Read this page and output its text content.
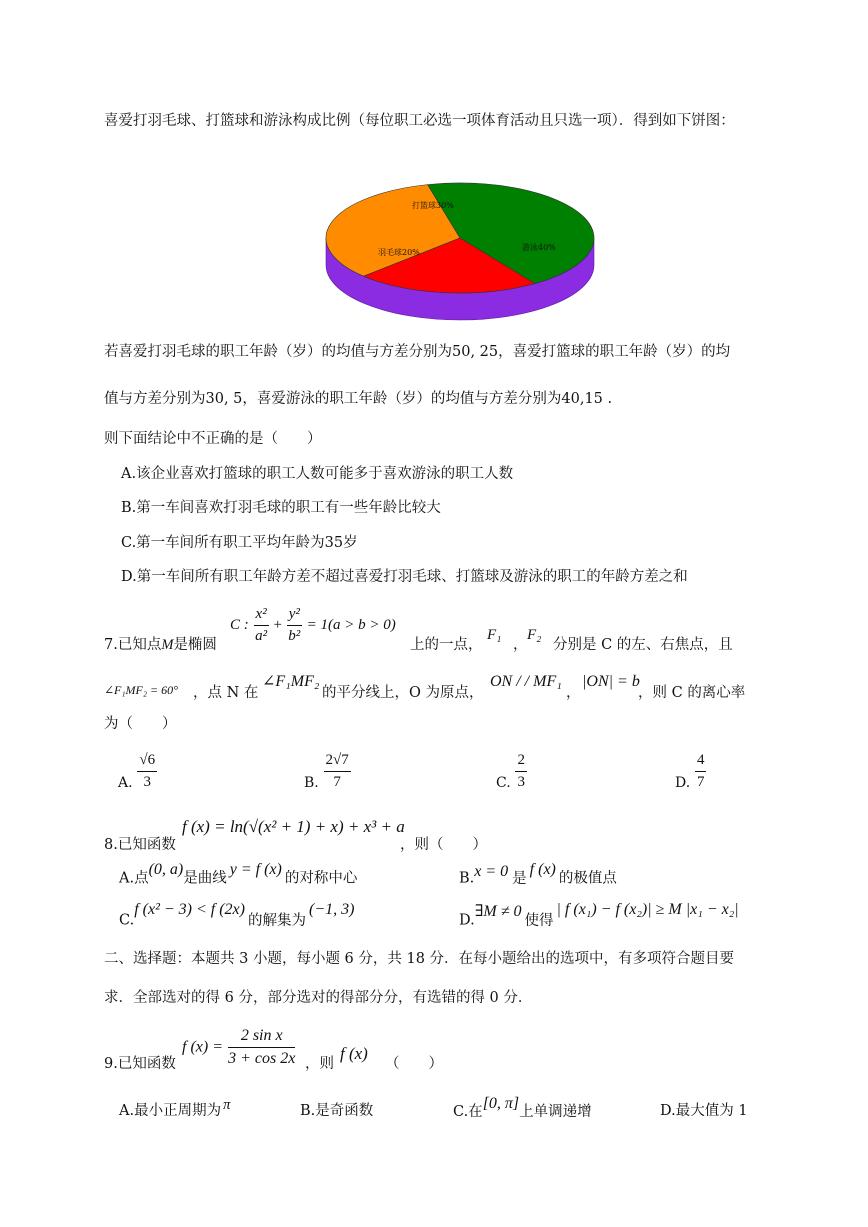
喜爱打羽毛球、打篮球和游泳构成比例（每位职工必选一项体育活动且只选一项）．得到如下饼图：
打篮球30%
游泳40%
羽毛球20%
若喜爱打羽毛球的职工年龄（岁）的均值与方差分别为50, 25，喜爱打篮球的职工年龄（岁）的均
值与方差分别为30, 5，喜爱游泳的职工年龄（岁）的均值与方差分别为40,15 .
则下面结论中不正确的是（　　）
A.该企业喜欢打篮球的职工人数可能多于喜欢游泳的职工人数
B.第一车间喜欢打羽毛球的职工有一些年龄比较大
C.第一车间所有职工平均年龄为35岁
D.第一车间所有职工年龄方差不超过喜爱打羽毛球、打篮球及游泳的职工的年龄方差之和
7.已知点M是椭圆
C : $\frac{\text{x²}}{\text{a²}} + \frac{\text{y²}}{\text{b²}} = 1(a > b > 0)$
上的一点，
F₁
，
F₂
分别是 C 的左、右焦点，且
∠F₁MF₂ = 60° ，点 N 在
∠F₁MF₂
的平分线上，O 为原点，
ON / / MF₁
，
|ON| = b
，则 C 的离心率
为（　　）
A. $\frac{√6}{3}$	B. $\frac{2√7}{7}$	C. $\frac{2}{3}$	D. $\frac{4}{7}$
8.已知函数
f (x) = ln(√(x² + 1) + x) + x³ + a
，则（　　）
A.点(0, a)是曲线y = f (x)的对称中心	B.x = 0 是f (x)的极值点
C.f (x² − 3) < f (2x)的解集为(−1, 3)
D.∃M ≠ 0使得| f (x₁) − f (x₂)| ≥ M |x₁ − x₂|
二、选择题：本题共 3 小题，每小题 6 分，共 18 分．在每小题给出的选项中，有多项符合题目要
求．全部选对的得 6 分，部分选对的得部分分，有选错的得 0 分．
9.已知函数
f $(x) = \frac{\text{2 sin x}}{3 + \cos 2x}$ ，则
f (x)
（　　）
A.最小正周期为 π	B.是奇函数	C.在[0, π]上单调递增	D.最大值为 1
